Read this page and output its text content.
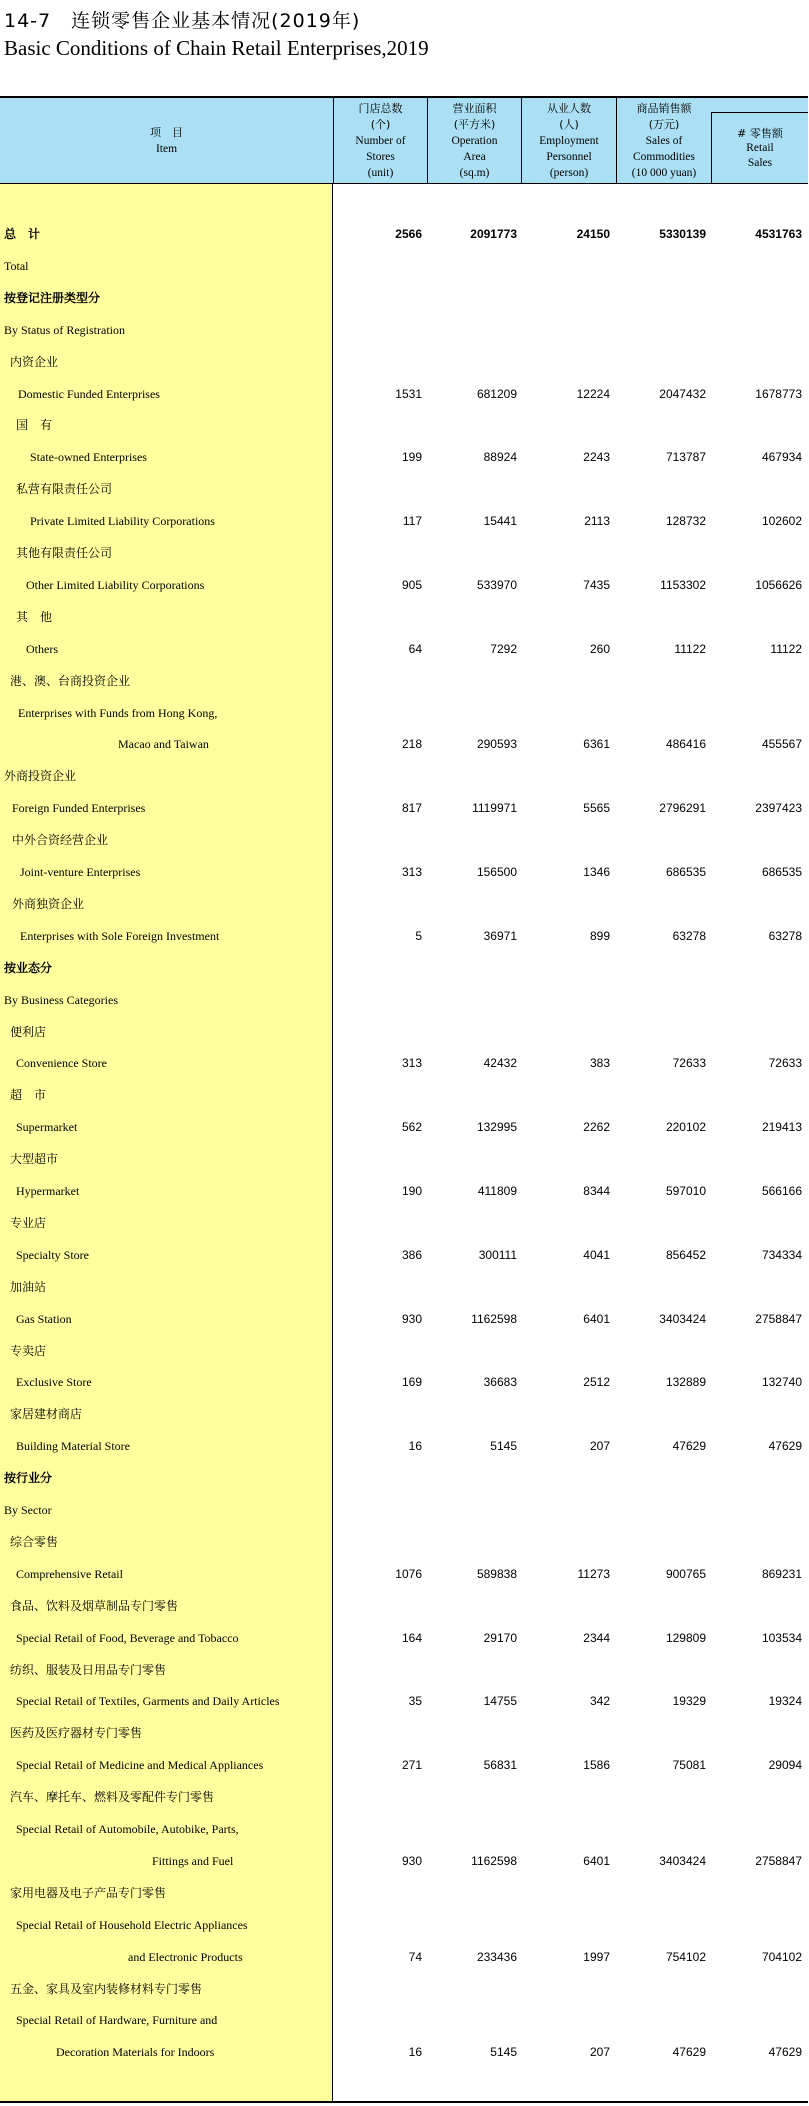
14-7　连锁零售企业基本情况(2019年)
Basic Conditions of Chain Retail Enterprises,2019
项　目
Item
门店总数
(个)
Number of
Stores
(unit)
营业面积
(平方米)
Operation
Area
(sq.m)
从业人数
(人)
Employment
Personnel
(person)
商品销售额
(万元)
Sales of
Commodities
(10 000 yuan)
# 零售额
Retail
Sales
总　计	2566	2091773	24150	5330139	4531763
Total
按登记注册类型分
By Status of Registration
内资企业
Domestic Funded Enterprises	1531	681209	12224	2047432	1678773
国　有
State-owned Enterprises	199	88924	2243	713787	467934
私营有限责任公司
Private Limited Liability Corporations	117	15441	2113	128732	102602
其他有限责任公司
Other Limited Liability Corporations	905	533970	7435	1153302	1056626
其　他
Others	64	7292	260	11122	11122
港、澳、台商投资企业
Enterprises with Funds from Hong Kong,
Macao and Taiwan	218	290593	6361	486416	455567
外商投资企业
Foreign Funded Enterprises	817	1119971	5565	2796291	2397423
中外合资经营企业
Joint-venture Enterprises	313	156500	1346	686535	686535
外商独资企业
Enterprises with Sole Foreign Investment	5	36971	899	63278	63278
按业态分
By Business Categories
便利店
Convenience Store	313	42432	383	72633	72633
超　市
Supermarket	562	132995	2262	220102	219413
大型超市
Hypermarket	190	411809	8344	597010	566166
专业店
Specialty Store	386	300111	4041	856452	734334
加油站
Gas Station	930	1162598	6401	3403424	2758847
专卖店
Exclusive Store	169	36683	2512	132889	132740
家居建材商店
Building Material Store	16	5145	207	47629	47629
按行业分
By Sector
综合零售
Comprehensive Retail	1076	589838	11273	900765	869231
食品、饮料及烟草制品专门零售
Special Retail of Food, Beverage and Tobacco	164	29170	2344	129809	103534
纺织、服装及日用品专门零售
Special Retail of Textiles, Garments and Daily Articles	35	14755	342	19329	19324
医药及医疗器材专门零售
Special Retail of Medicine and Medical Appliances	271	56831	1586	75081	29094
汽车、摩托车、燃料及零配件专门零售
Special Retail of Automobile, Autobike, Parts,
Fittings and Fuel	930	1162598	6401	3403424	2758847
家用电器及电子产品专门零售
Special Retail of Household Electric Appliances
and Electronic Products	74	233436	1997	754102	704102
五金、家具及室内装修材料专门零售
Special Retail of Hardware, Furniture and
Decoration Materials for Indoors	16	5145	207	47629	47629
